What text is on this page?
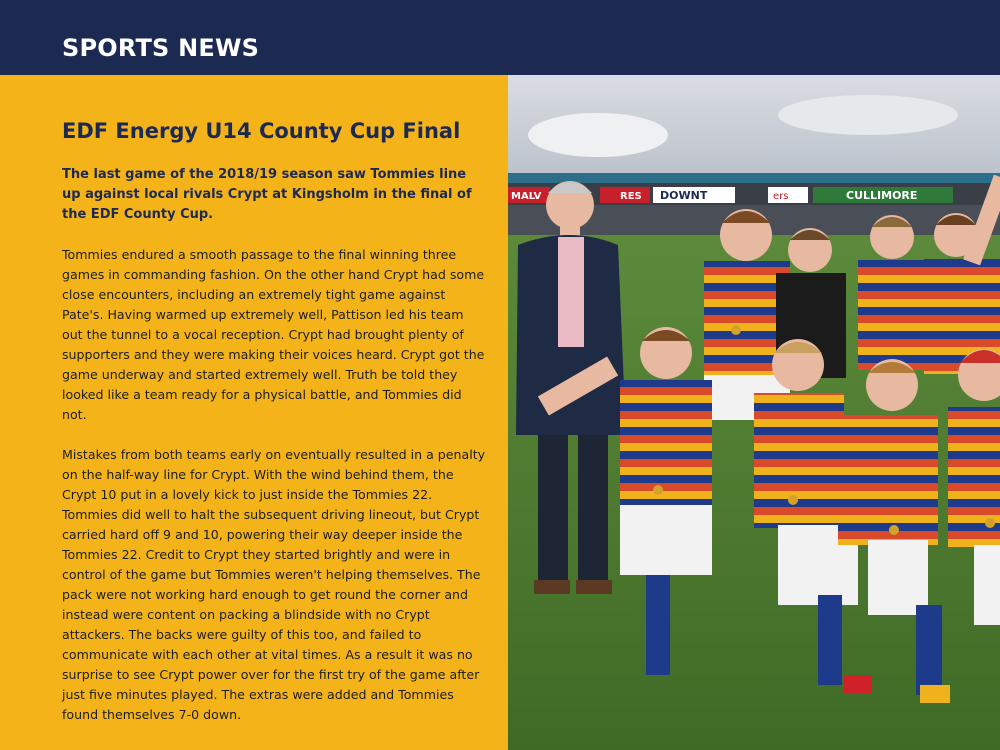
SPORTS NEWS
EDF Energy U14 County Cup Final
The last game of the 2018/19 season saw Tommies line up against local rivals Crypt at Kingsholm in the final of the EDF County Cup.
Tommies endured a smooth passage to the final winning three games in commanding fashion. On the other hand Crypt had some close encounters, including an extremely tight game against Pate's. Having warmed up extremely well, Pattison led his team out the tunnel to a vocal reception. Crypt had brought plenty of supporters and they were making their voices heard. Crypt got the game underway and started extremely well. Truth be told they looked like a team ready for a physical battle, and Tommies did not.
Mistakes from both teams early on eventually resulted in a penalty on the half-way line for Crypt. With the wind behind them, the Crypt 10 put in a lovely kick to just inside the Tommies 22. Tommies did well to halt the subsequent driving lineout, but Crypt carried hard off 9 and 10, powering their way deeper inside the Tommies 22. Credit to Crypt they started brightly and were in control of the game but Tommies weren't helping themselves. The pack were not working hard enough to get round the corner and instead were content on packing a blindside with no Crypt attackers. The backs were guilty of this too, and failed to communicate with each other at vital times. As a result it was no surprise to see Crypt power over for the first try of the game after just five minutes played. The extras were added and Tommies found themselves 7-0 down.
MALV	RES DOWNT	ers	CULLIMORE
